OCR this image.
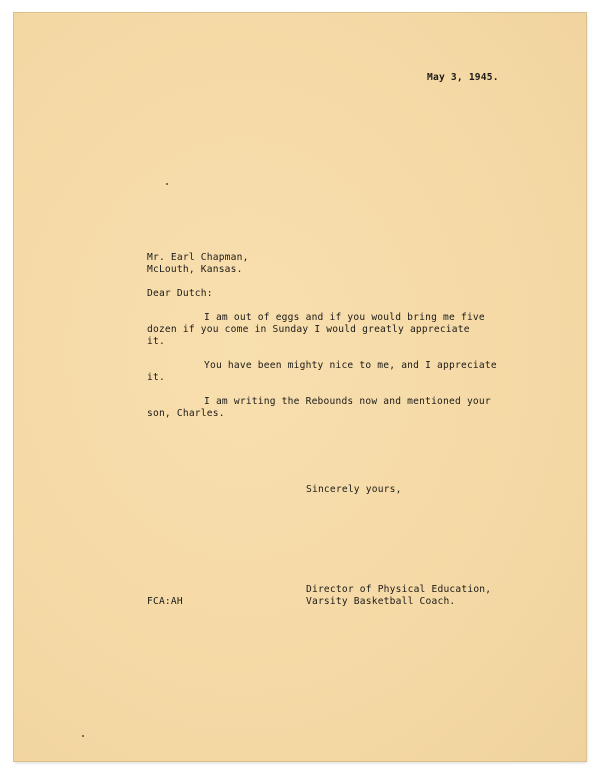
May 3, 1945.
Mr. Earl Chapman,
McLouth, Kansas.
Dear Dutch:
I am out of eggs and if you would bring me five
dozen if you come in Sunday I would greatly appreciate
it.
You have been mighty nice to me, and I appreciate
it.
I am writing the Rebounds now and mentioned your
son, Charles.
Sincerely yours,
Director of Physical Education,
Varsity Basketball Coach.
FCA:AH
